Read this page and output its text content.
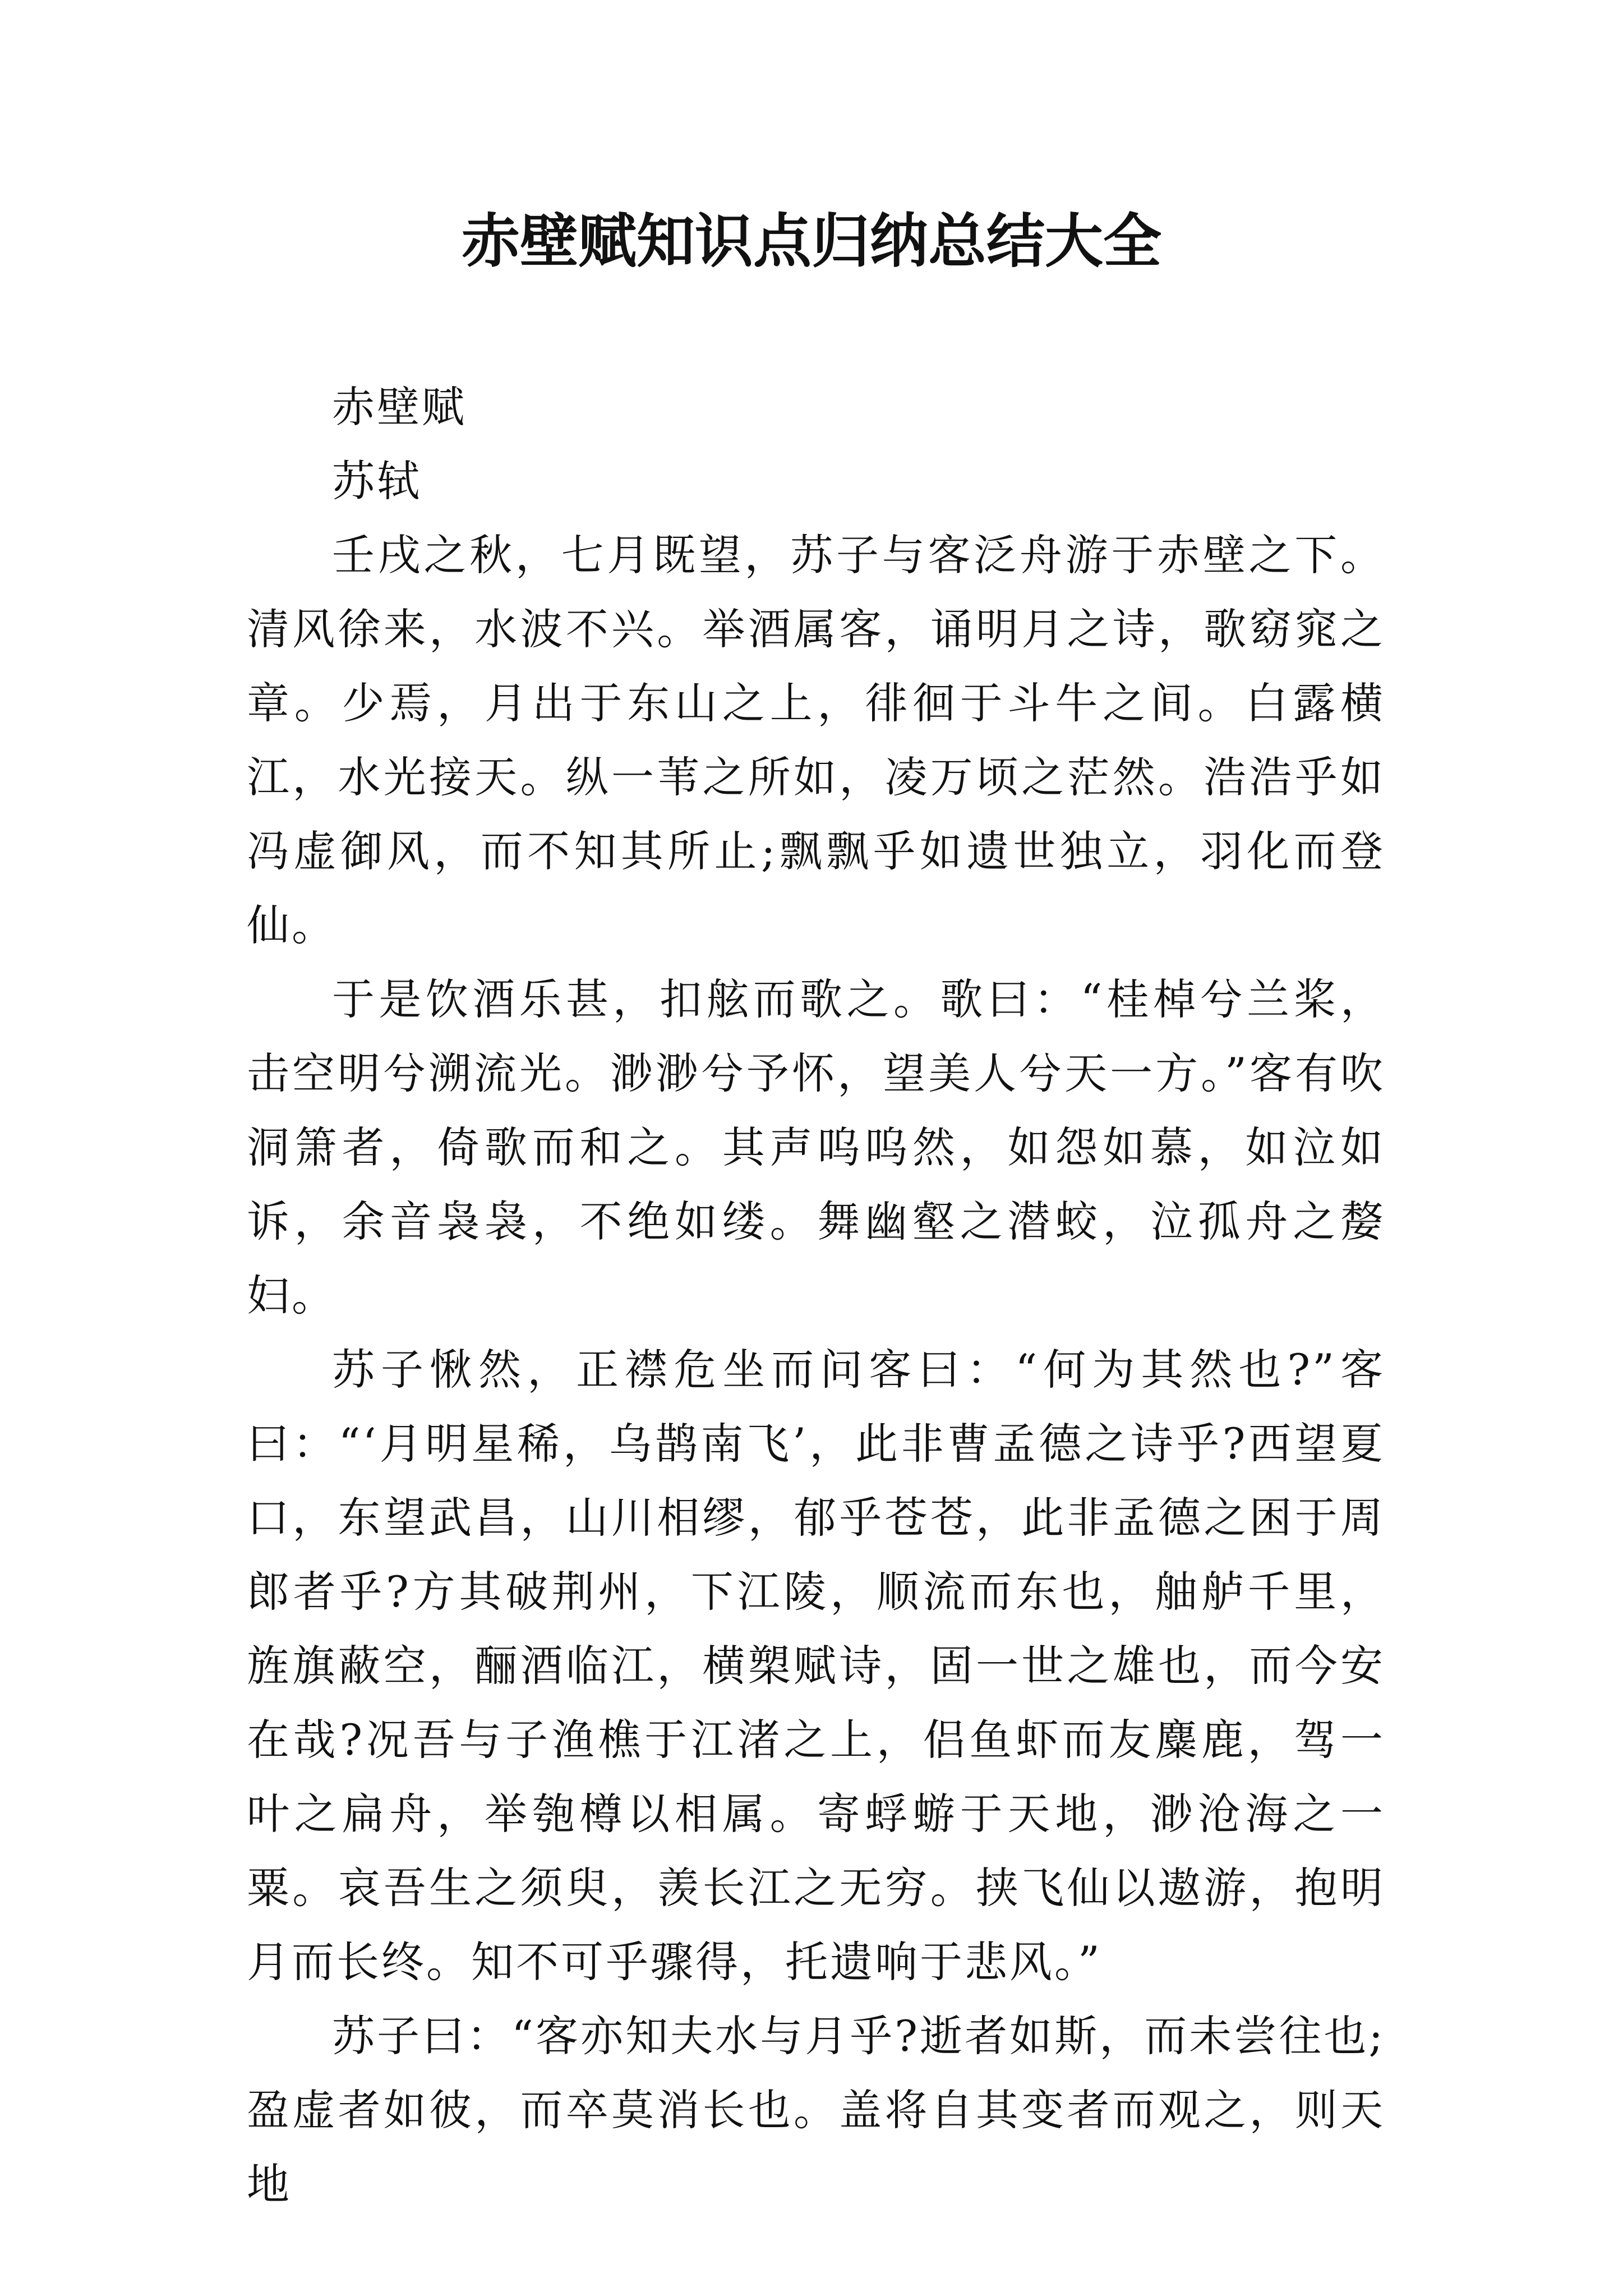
赤壁赋知识点归纳总结大全

赤壁赋

苏轼

壬戌之秋，七月既望，苏子与客泛舟游于赤壁之下。清风徐来，水波不兴。举酒属客，诵明月之诗，歌窈窕之章。少焉，月出于东山之上，徘徊于斗牛之间。白露横江，水光接天。纵一苇之所如，凌万顷之茫然。浩浩乎如冯虚御风，而不知其所止;飘飘乎如遗世独立，羽化而登仙。

于是饮酒乐甚，扣舷而歌之。歌曰：“桂棹兮兰桨，击空明兮溯流光。渺渺兮予怀，望美人兮天一方。”客有吹洞箫者，倚歌而和之。其声呜呜然，如怨如慕，如泣如诉，余音袅袅，不绝如缕。舞幽壑之潜蛟，泣孤舟之嫠妇。

苏子愀然，正襟危坐而问客曰：“何为其然也?”客曰：“‘月明星稀，乌鹊南飞’，此非曹孟德之诗乎?西望夏口，东望武昌，山川相缪，郁乎苍苍，此非孟德之困于周郎者乎?方其破荆州，下江陵，顺流而东也，舳舻千里，旌旗蔽空，酾酒临江，横槊赋诗，固一世之雄也，而今安在哉?况吾与子渔樵于江渚之上，侣鱼虾而友麋鹿，驾一叶之扁舟，举匏樽以相属。寄蜉蝣于天地，渺沧海之一粟。哀吾生之须臾，羡长江之无穷。挟飞仙以遨游，抱明月而长终。知不可乎骤得，托遗响于悲风。”

苏子曰：“客亦知夫水与月乎?逝者如斯，而未尝往也;盈虚者如彼，而卒莫消长也。盖将自其变者而观之，则天地
